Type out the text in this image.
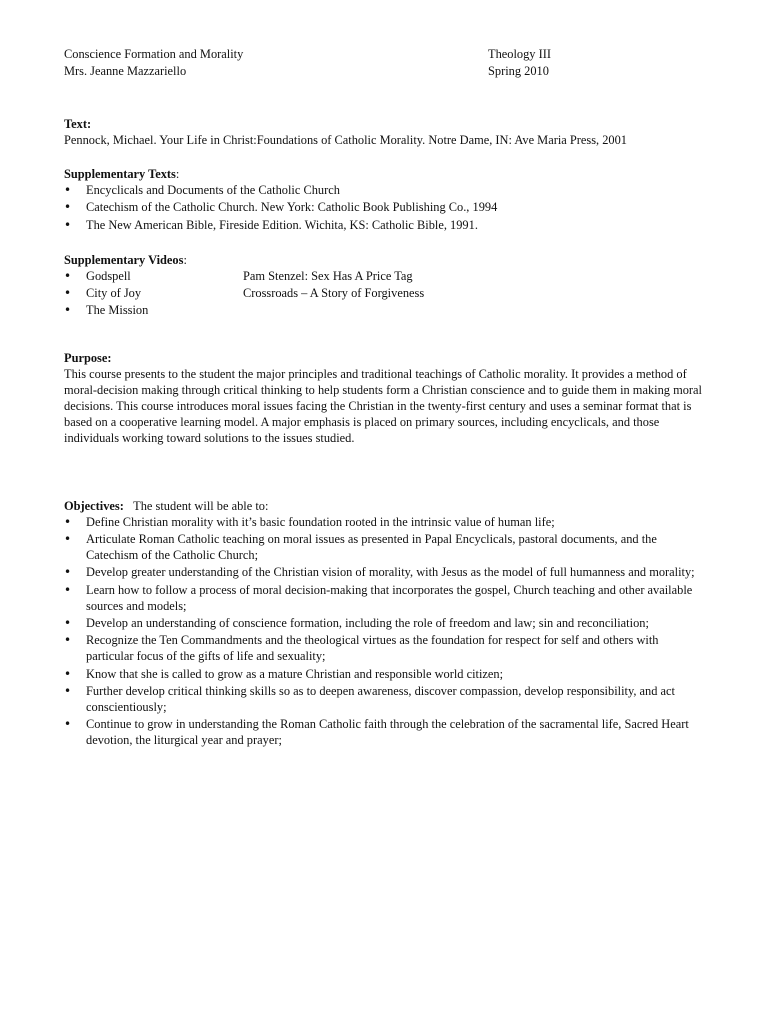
Conscience Formation and Morality	Theology III
Mrs. Jeanne Mazzariello	Spring 2010
Text:

Pennock, Michael. Your Life in Christ:Foundations of Catholic Morality. Notre Dame, IN: Ave Maria Press, 2001

Supplementary Texts:
• Encyclicals and Documents of the Catholic Church
• Catechism of the Catholic Church. New York: Catholic Book Publishing Co., 1994
• The New American Bible, Fireside Edition. Wichita, KS: Catholic Bible, 1991.
Supplementary Videos:
• Godspell	Pam Stenzel: Sex Has A Price Tag
• City of Joy	Crossroads – A Story of Forgiveness
• The Mission
Purpose:

This course presents to the student the major principles and traditional teachings of Catholic morality. It provides a method of moral-decision making through critical thinking to help students form a Christian conscience and to guide them in making moral decisions. This course introduces moral issues facing the Christian in the twenty-first century and uses a seminar format that is based on a cooperative learning model. A major emphasis is placed on primary sources, including encyclicals, and those individuals working toward solutions to the issues studied.

Objectives: The student will be able to:
• Define Christian morality with it’s basic foundation rooted in the intrinsic value of human life;
• Articulate Roman Catholic teaching on moral issues as presented in Papal Encyclicals, pastoral documents, and the Catechism of the Catholic Church;
• Develop greater understanding of the Christian vision of morality, with Jesus as the model of full humanness and morality;
• Learn how to follow a process of moral decision-making that incorporates the gospel, Church teaching and other available sources and models;
• Develop an understanding of conscience formation, including the role of freedom and law; sin and reconciliation;
• Recognize the Ten Commandments and the theological virtues as the foundation for respect for self and others with particular focus of the gifts of life and sexuality;
• Know that she is called to grow as a mature Christian and responsible world citizen;
• Further develop critical thinking skills so as to deepen awareness, discover compassion, develop responsibility, and act conscientiously;
• Continue to grow in understanding the Roman Catholic faith through the celebration of the sacramental life, Sacred Heart devotion, the liturgical year and prayer;
